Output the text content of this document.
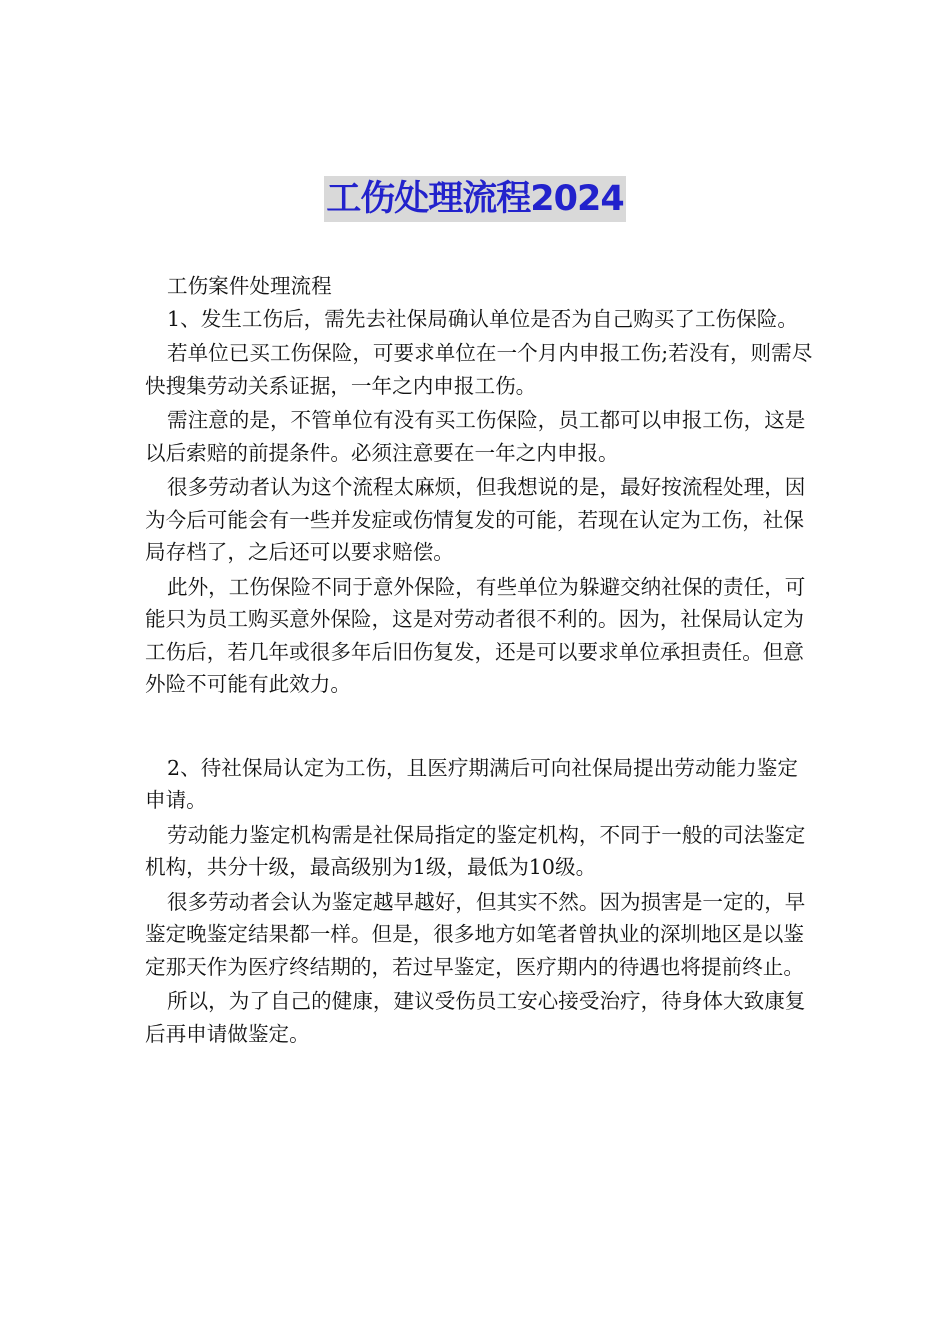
工伤处理流程2024

工伤案件处理流程

1、发生工伤后，需先去社保局确认单位是否为自己购买了工伤保险。

若单位已买工伤保险，可要求单位在一个月内申报工伤;若没有，则需尽快搜集劳动关系证据，一年之内申报工伤。

需注意的是，不管单位有没有买工伤保险，员工都可以申报工伤，这是以后索赔的前提条件。必须注意要在一年之内申报。

很多劳动者认为这个流程太麻烦，但我想说的是，最好按流程处理，因为今后可能会有一些并发症或伤情复发的可能，若现在认定为工伤，社保局存档了，之后还可以要求赔偿。

此外，工伤保险不同于意外保险，有些单位为躲避交纳社保的责任，可能只为员工购买意外保险，这是对劳动者很不利的。因为，社保局认定为工伤后，若几年或很多年后旧伤复发，还是可以要求单位承担责任。但意外险不可能有此效力。

2、待社保局认定为工伤，且医疗期满后可向社保局提出劳动能力鉴定申请。

劳动能力鉴定机构需是社保局指定的鉴定机构，不同于一般的司法鉴定机构，共分十级，最高级别为1级，最低为10级。

很多劳动者会认为鉴定越早越好，但其实不然。因为损害是一定的，早鉴定晚鉴定结果都一样。但是，很多地方如笔者曾执业的深圳地区是以鉴定那天作为医疗终结期的，若过早鉴定，医疗期内的待遇也将提前终止。

所以，为了自己的健康，建议受伤员工安心接受治疗，待身体大致康复后再申请做鉴定。
